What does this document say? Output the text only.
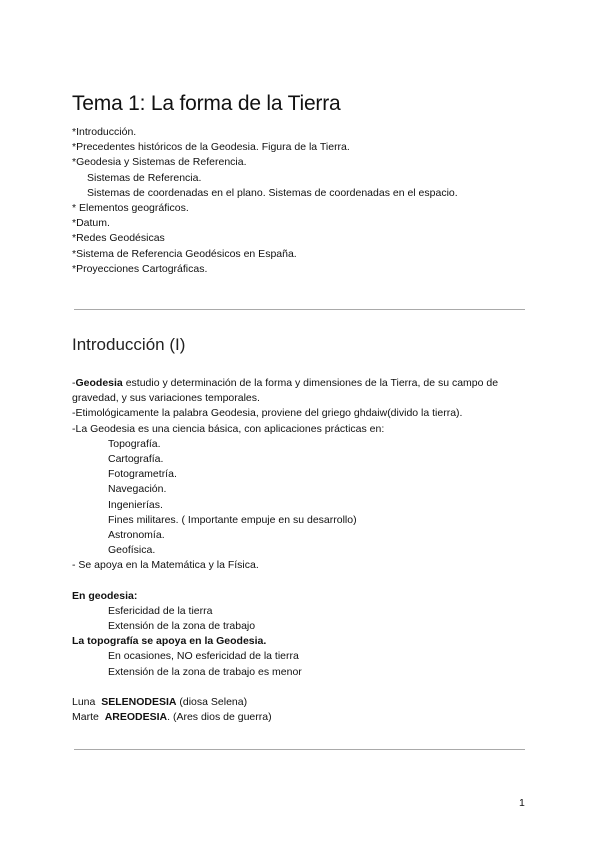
Tema 1: La forma de la Tierra
*Introducción.
*Precedentes históricos de la Geodesia. Figura de la Tierra.
*Geodesia y Sistemas de Referencia.
Sistemas de Referencia.
Sistemas de coordenadas en el plano. Sistemas de coordenadas en el espacio.
* Elementos geográficos.
*Datum.
*Redes Geodésicas
*Sistema de Referencia Geodésicos en España.
*Proyecciones Cartográficas.
Introducción (I)

-Geodesia estudio y determinación de la forma y dimensiones de la Tierra, de su campo de gravedad, y sus variaciones temporales.

-Etimológicamente la palabra Geodesia, proviene del griego ghdaiw(divido la tierra).

-La Geodesia es una ciencia básica, con aplicaciones prácticas en:

Topografía.

Cartografía.

Fotogrametría.

Navegación.

Ingenierías.

Fines militares. ( Importante empuje en su desarrollo)

Astronomía.

Geofísica.

- Se apoya en la Matemática y la Física.

En geodesia:

Esfericidad de la tierra

Extensión de la zona de trabajo

La topografía se apoya en la Geodesia.

En ocasiones, NO esfericidad de la tierra

Extensión de la zona de trabajo es menor

Luna  SELENODESIA (diosa Selena)

Marte  AREODESIA. (Ares dios de guerra)

1
